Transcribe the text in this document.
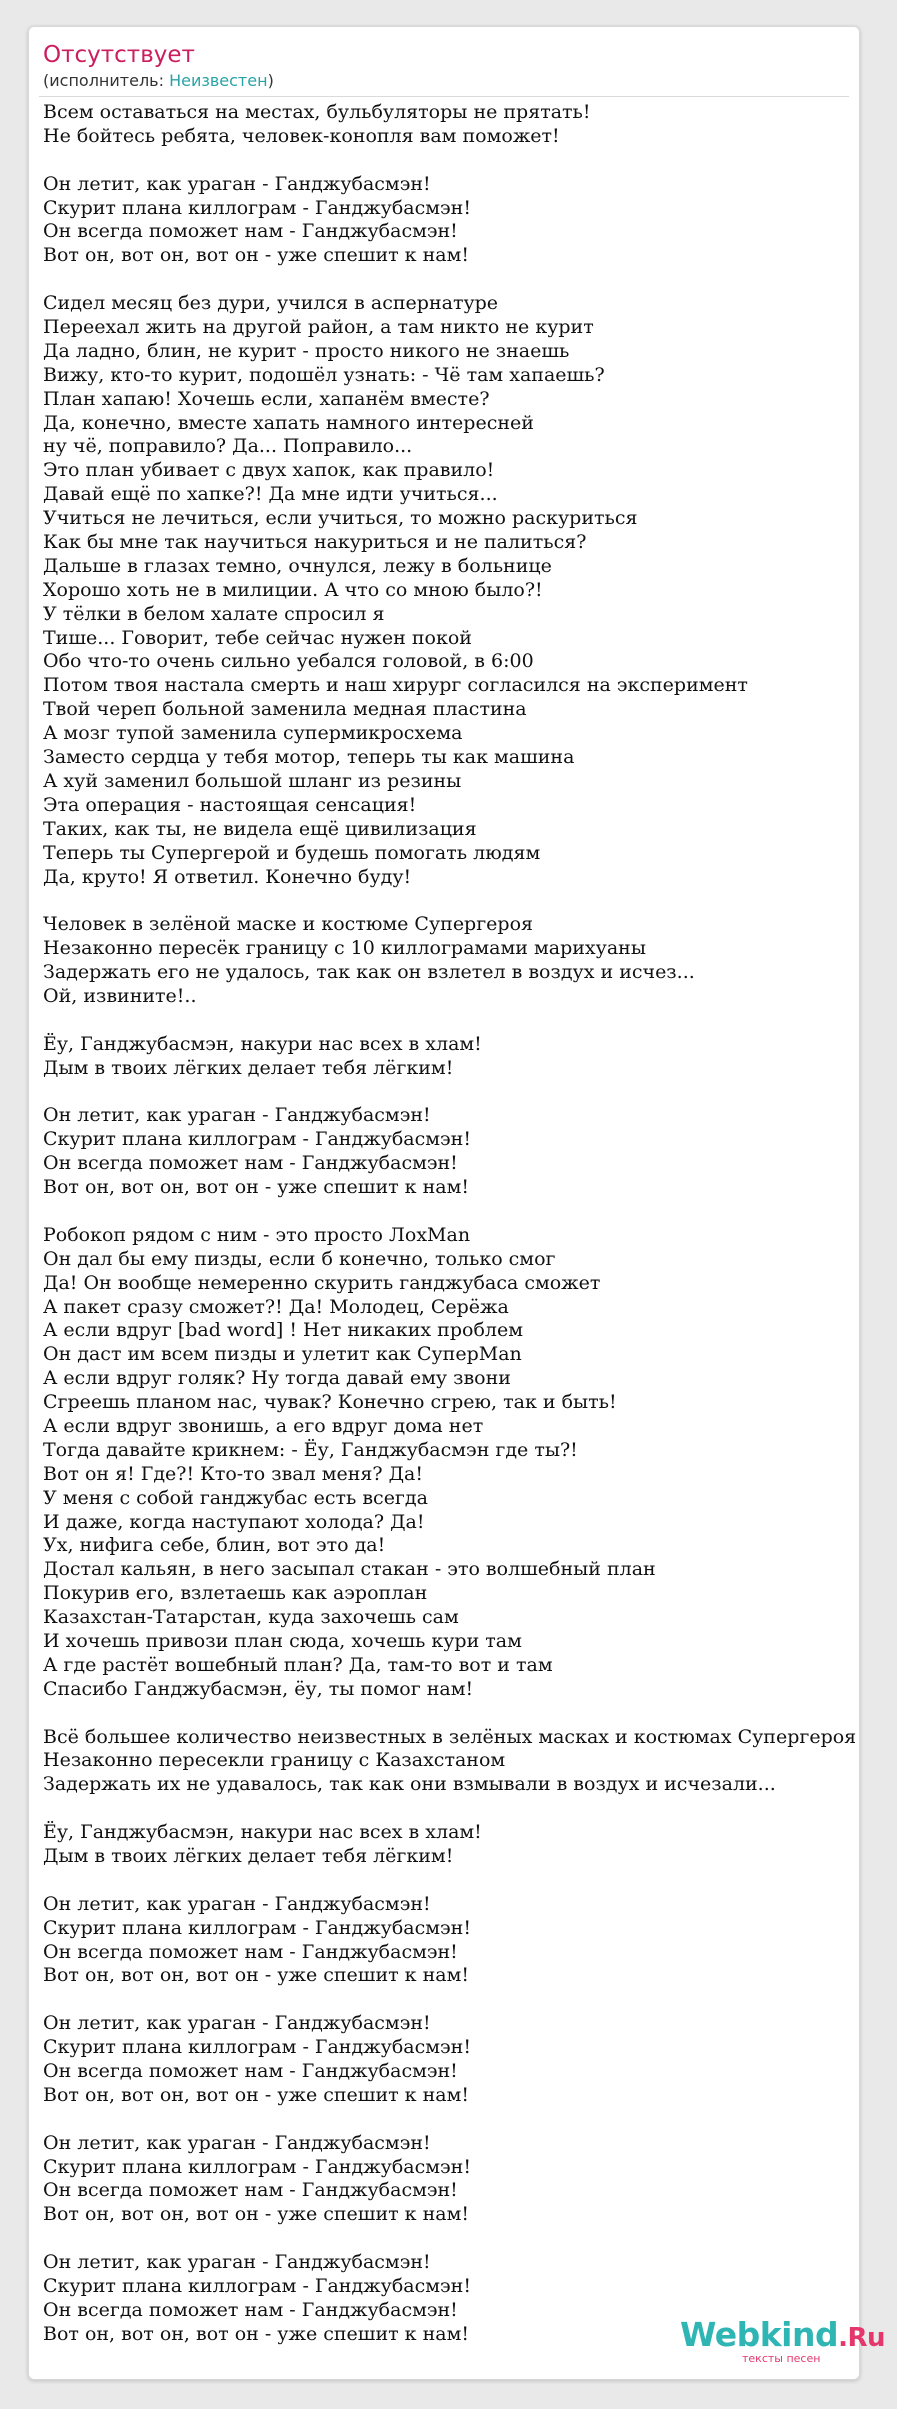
Отсутствует
(исполнитель: Неизвестен)
Всем оставаться на местах, бульбуляторы не прятать!
Не бойтесь ребята, человек-конопля вам поможет!
Он летит, как ураган - Ганджубасмэн!
Скурит плана киллограм - Ганджубасмэн!
Он всегда поможет нам - Ганджубасмэн!
Вот он, вот он, вот он - уже спешит к нам!
Сидел месяц без дури, учился в аспернатуре
Переехал жить на другой район, а там никто не курит
Да ладно, блин, не курит - просто никого не знаешь
Вижу, кто-то курит, подошёл узнать: - Чё там хапаешь?
План хапаю! Хочешь если, хапанём вместе?
Да, конечно, вместе хапать намного интересней
ну чё, поправило? Да... Поправило...
Это план убивает с двух хапок, как правило!
Давай ещё по хапке?! Да мне идти учиться...
Учиться не лечиться, если учиться, то можно раскуриться
Как бы мне так научиться накуриться и не палиться?
Дальше в глазах темно, очнулся, лежу в больнице
Хорошо хоть не в милиции. А что со мною было?!
У тёлки в белом халате спросил я
Тише... Говорит, тебе сейчас нужен покой
Обо что-то очень сильно уебался головой, в 6:00
Потом твоя настала смерть и наш хирург согласился на эксперимент
Твой череп больной заменила медная пластина
А мозг тупой заменила супермикросхема
Заместо сердца у тебя мотор, теперь ты как машина
А хуй заменил большой шланг из резины
Эта операция - настоящая сенсация!
Таких, как ты, не видела ещё цивилизация
Теперь ты Супергерой и будешь помогать людям
Да, круто! Я ответил. Конечно буду!
Человек в зелёной маске и костюме Супергероя
Незаконно пересёк границу с 10 киллограмами марихуаны
Задержать его не удалось, так как он взлетел в воздух и исчез...
Ой, извините!..
Ёу, Ганджубасмэн, накури нас всех в хлам!
Дым в твоих лёгких делает тебя лёгким!
Он летит, как ураган - Ганджубасмэн!
Скурит плана киллограм - Ганджубасмэн!
Он всегда поможет нам - Ганджубасмэн!
Вот он, вот он, вот он - уже спешит к нам!
Робокоп рядом с ним - это просто ЛохMan
Он дал бы ему пизды, если б конечно, только смог
Да! Он вообще немеренно скурить ганджубаса сможет
А пакет сразу сможет?! Да! Молодец, Серёжа
А если вдруг [bad word] ! Нет никаких проблем
Он даст им всем пизды и улетит как СуперMan
А если вдруг голяк? Ну тогда давай ему звони
Сгреешь планом нас, чувак? Конечно сгрею, так и быть!
А если вдруг звонишь, а его вдруг дома нет
Тогда давайте крикнем: - Ёу, Ганджубасмэн где ты?!
Вот он я! Где?! Кто-то звал меня? Да!
У меня с собой ганджубас есть всегда
И даже, когда наступают холода? Да!
Ух, нифига себе, блин, вот это да!
Достал кальян, в него засыпал стакан - это волшебный план
Покурив его, взлетаешь как аэроплан
Казахстан-Татарстан, куда захочешь сам
И хочешь привози план сюда, хочешь кури там
А где растёт вошебный план? Да, там-то вот и там
Спасибо Ганджубасмэн, ёу, ты помог нам!
Всё большее количество неизвестных в зелёных масках и костюмах Супергероя
Незаконно пересекли границу с Казахстаном
Задержать их не удавалось, так как они взмывали в воздух и исчезали...
Ёу, Ганджубасмэн, накури нас всех в хлам!
Дым в твоих лёгких делает тебя лёгким!
Он летит, как ураган - Ганджубасмэн!
Скурит плана киллограм - Ганджубасмэн!
Он всегда поможет нам - Ганджубасмэн!
Вот он, вот он, вот он - уже спешит к нам!
Он летит, как ураган - Ганджубасмэн!
Скурит плана киллограм - Ганджубасмэн!
Он всегда поможет нам - Ганджубасмэн!
Вот он, вот он, вот он - уже спешит к нам!
Он летит, как ураган - Ганджубасмэн!
Скурит плана киллограм - Ганджубасмэн!
Он всегда поможет нам - Ганджубасмэн!
Вот он, вот он, вот он - уже спешит к нам!
Он летит, как ураган - Ганджубасмэн!
Скурит плана киллограм - Ганджубасмэн!
Он всегда поможет нам - Ганджубасмэн!
Вот он, вот он, вот он - уже спешит к нам!	Webkind.Ru
тексты песен
